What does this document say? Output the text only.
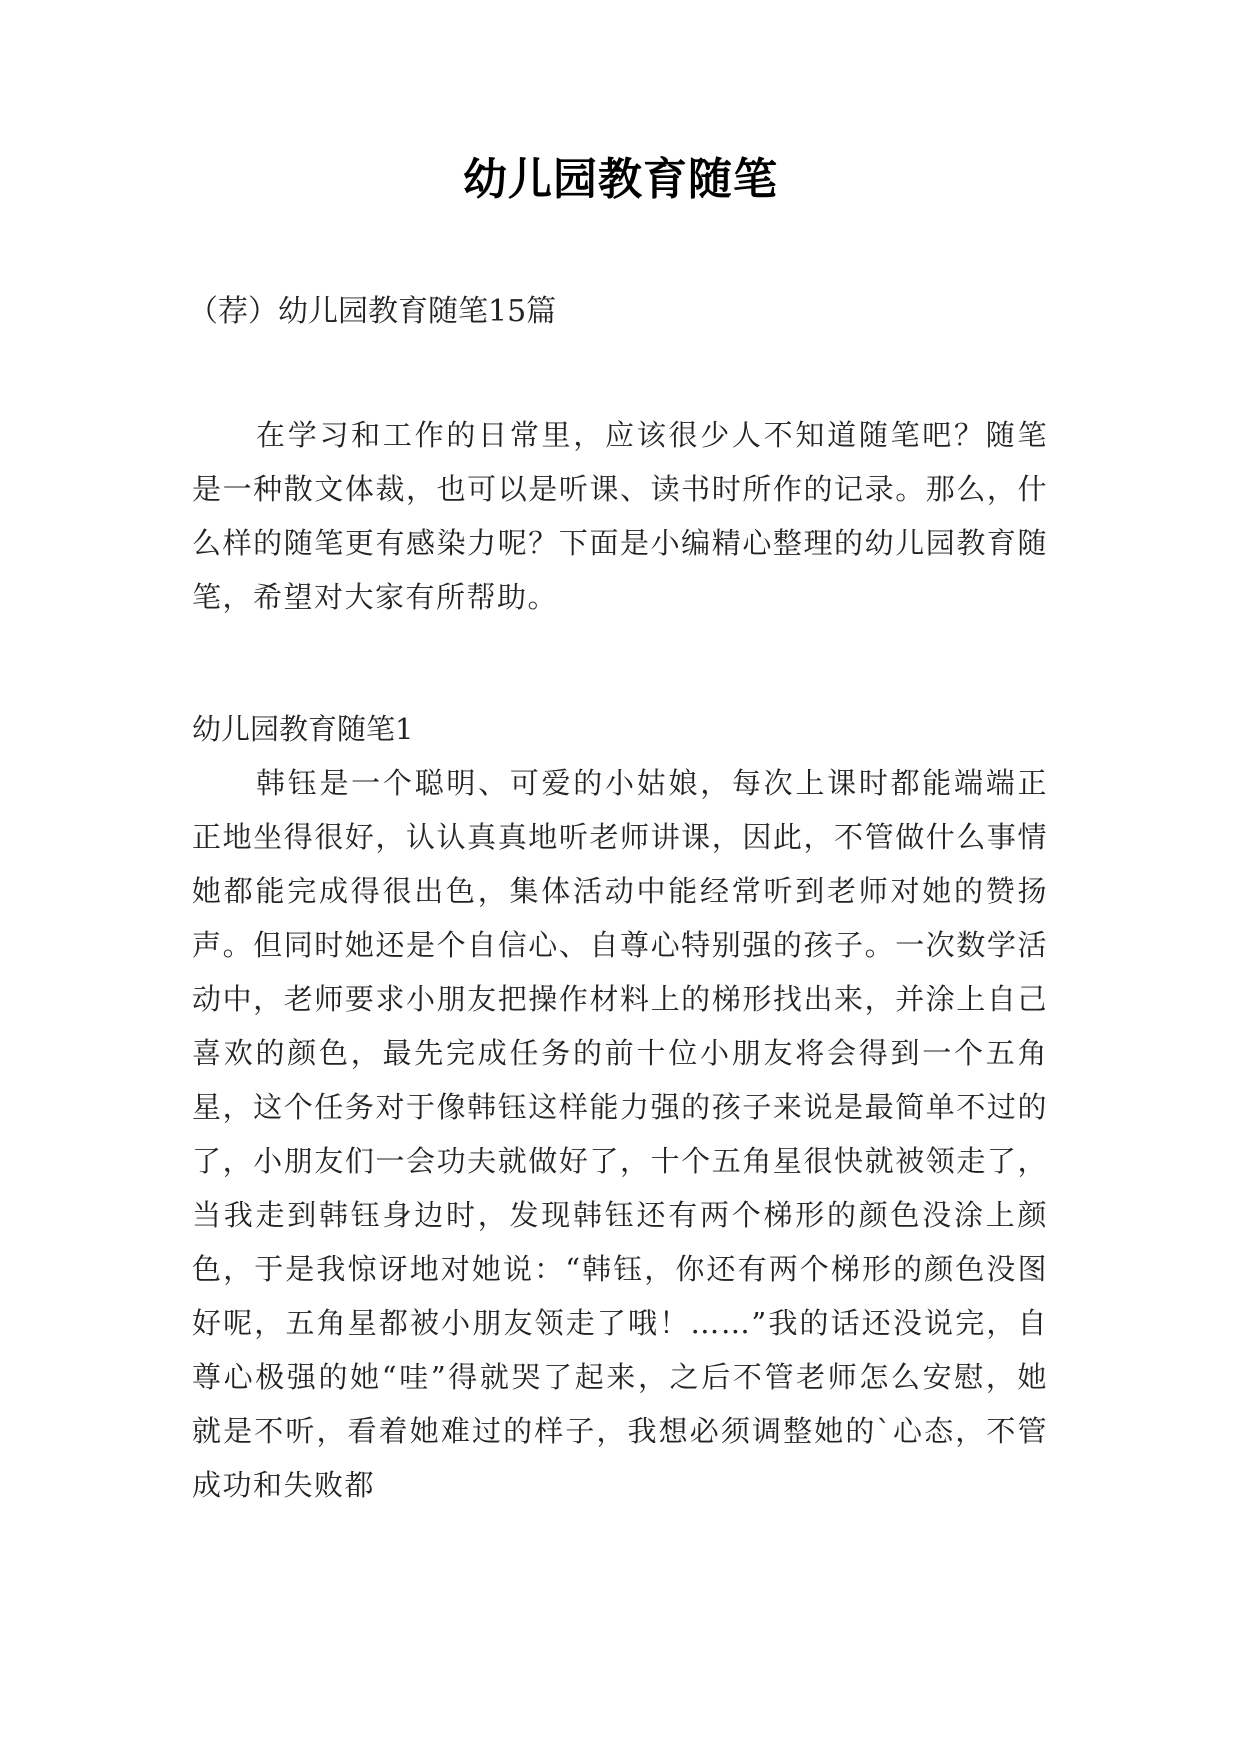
幼儿园教育随笔
（荐）幼儿园教育随笔15篇

在学习和工作的日常里，应该很少人不知道随笔吧？随笔是一种散文体裁，也可以是听课、读书时所作的记录。那么，什么样的随笔更有感染力呢？下面是小编精心整理的幼儿园教育随笔，希望对大家有所帮助。

幼儿园教育随笔1

韩钰是一个聪明、可爱的小姑娘，每次上课时都能端端正正地坐得很好，认认真真地听老师讲课，因此，不管做什么事情她都能完成得很出色，集体活动中能经常听到老师对她的赞扬声。但同时她还是个自信心、自尊心特别强的孩子。一次数学活动中，老师要求小朋友把操作材料上的梯形找出来，并涂上自己喜欢的颜色，最先完成任务的前十位小朋友将会得到一个五角星，这个任务对于像韩钰这样能力强的孩子来说是最简单不过的了，小朋友们一会功夫就做好了，十个五角星很快就被领走了，当我走到韩钰身边时，发现韩钰还有两个梯形的颜色没涂上颜色，于是我惊讶地对她说：“韩钰，你还有两个梯形的颜色没图好呢，五角星都被小朋友领走了哦！……”我的话还没说完，自尊心极强的她“哇”得就哭了起来，之后不管老师怎么安慰，她就是不听，看着她难过的样子，我想必须调整她的`心态，不管成功和失败都
